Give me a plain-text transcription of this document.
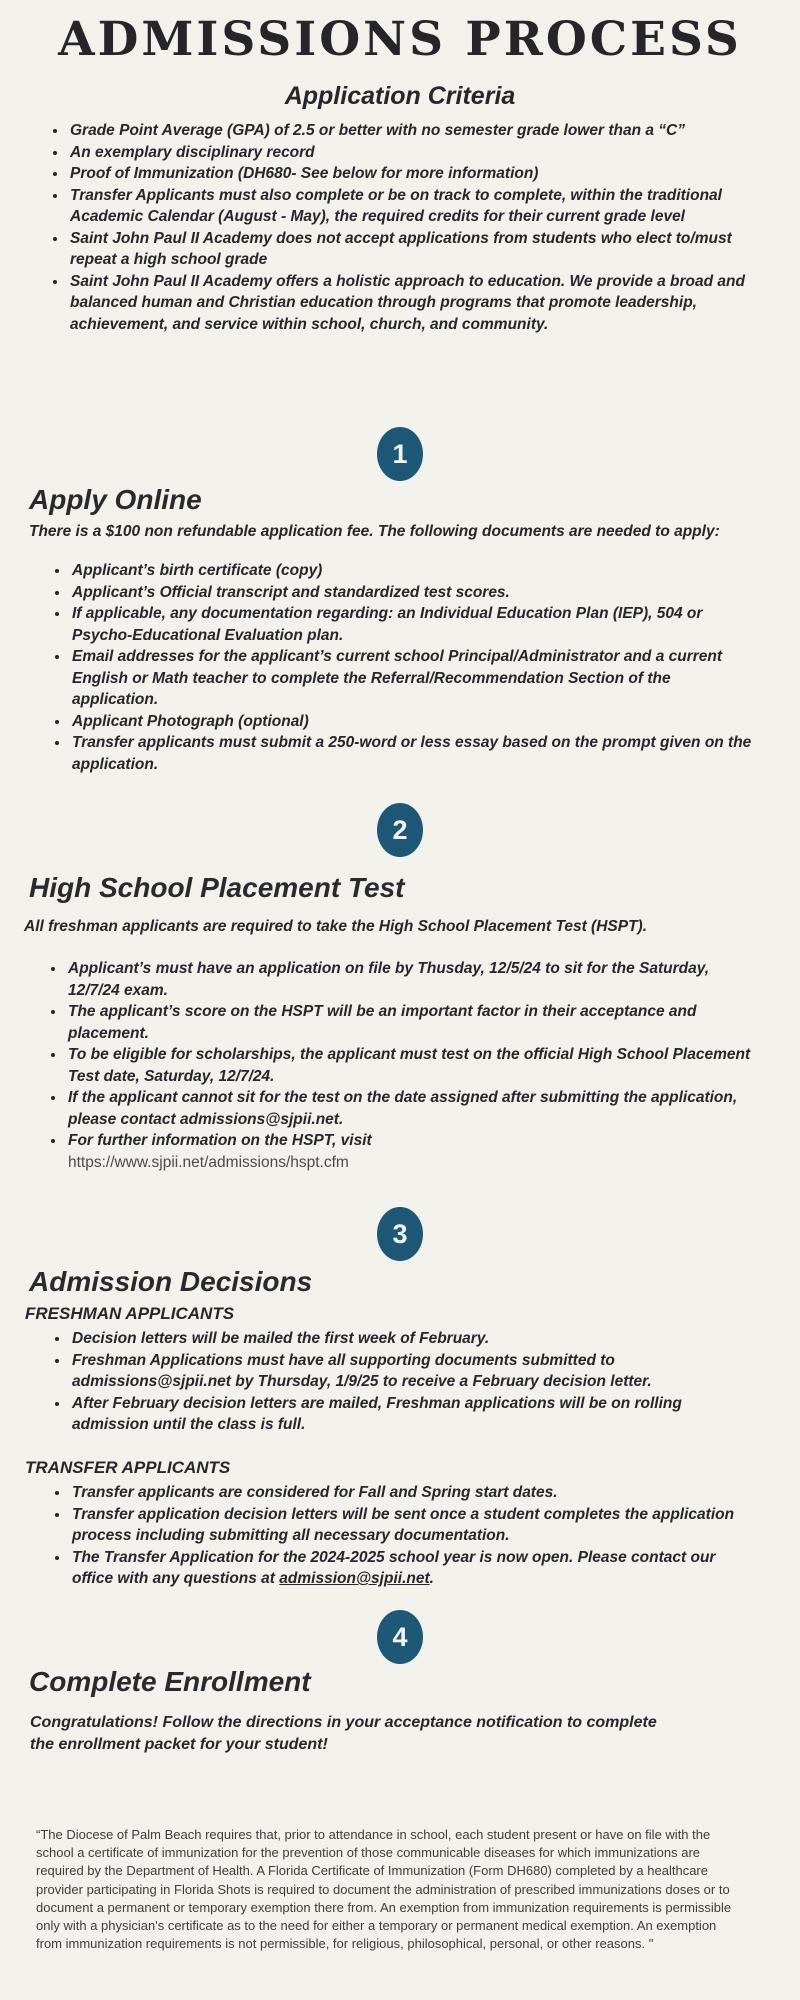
ADMISSIONS PROCESS
Application Criteria
• Grade Point Average (GPA) of 2.5 or better with no semester grade lower than a “C”
• An exemplary disciplinary record
• Proof of Immunization (DH680- See below for more information)
• Transfer Applicants must also complete or be on track to complete, within the traditional Academic Calendar (August - May), the required credits for their current grade level
• Saint John Paul II Academy does not accept applications from students who elect to/must repeat a high school grade
• Saint John Paul II Academy offers a holistic approach to education. We provide a broad and balanced human and Christian education through programs that promote leadership, achievement, and service within school, church, and community.
1
Apply Online

There is a $100 non refundable application fee. The following documents are needed to apply:

• Applicant’s birth certificate (copy)
• Applicant’s Official transcript and standardized test scores.
• If applicable, any documentation regarding: an Individual Education Plan (IEP), 504 or Psycho-Educational Evaluation plan.
• Email addresses for the applicant’s current school Principal/Administrator and a current English or Math teacher to complete the Referral/Recommendation Section of the application.
• Applicant Photograph (optional)
• Transfer applicants must submit a 250-word or less essay based on the prompt given on the application.
2
High School Placement Test

All freshman applicants are required to take the High School Placement Test (HSPT).

• Applicant’s must have an application on file by Thusday, 12/5/24 to sit for the Saturday, 12/7/24 exam.
• The applicant’s score on the HSPT will be an important factor in their acceptance and placement.
• To be eligible for scholarships, the applicant must test on the official High School Placement Test date, Saturday, 12/7/24.
• If the applicant cannot sit for the test on the date assigned after submitting the application, please contact admissions@sjpii.net.
• For further information on the HSPT, visit
https://www.sjpii.net/admissions/hspt.cfm
3
Admission Decisions

FRESHMAN APPLICANTS

• Decision letters will be mailed the first week of February.
• Freshman Applications must have all supporting documents submitted to admissions@sjpii.net by Thursday, 1/9/25 to receive a February decision letter.
• After February decision letters are mailed, Freshman applications will be on rolling admission until the class is full.

TRANSFER APPLICANTS

• Transfer applicants are considered for Fall and Spring start dates.
• Transfer application decision letters will be sent once a student completes the application process including submitting all necessary documentation.
• The Transfer Application for the 2024-2025 school year is now open. Please contact our office with any questions at admission@sjpii.net.
4
Complete Enrollment

Congratulations! Follow the directions in your acceptance notification to complete the enrollment packet for your student!

“The Diocese of Palm Beach requires that, prior to attendance in school, each student present or have on file with the school a certificate of immunization for the prevention of those communicable diseases for which immunizations are required by the Department of Health. A Florida Certificate of Immunization (Form DH680) completed by a healthcare provider participating in Florida Shots is required to document the administration of prescribed immunizations doses or to document a permanent or temporary exemption there from. An exemption from immunization requirements is permissible only with a physician's certificate as to the need for either a temporary or permanent medical exemption. An exemption from immunization requirements is not permissible, for religious, philosophical, personal, or other reasons. "
